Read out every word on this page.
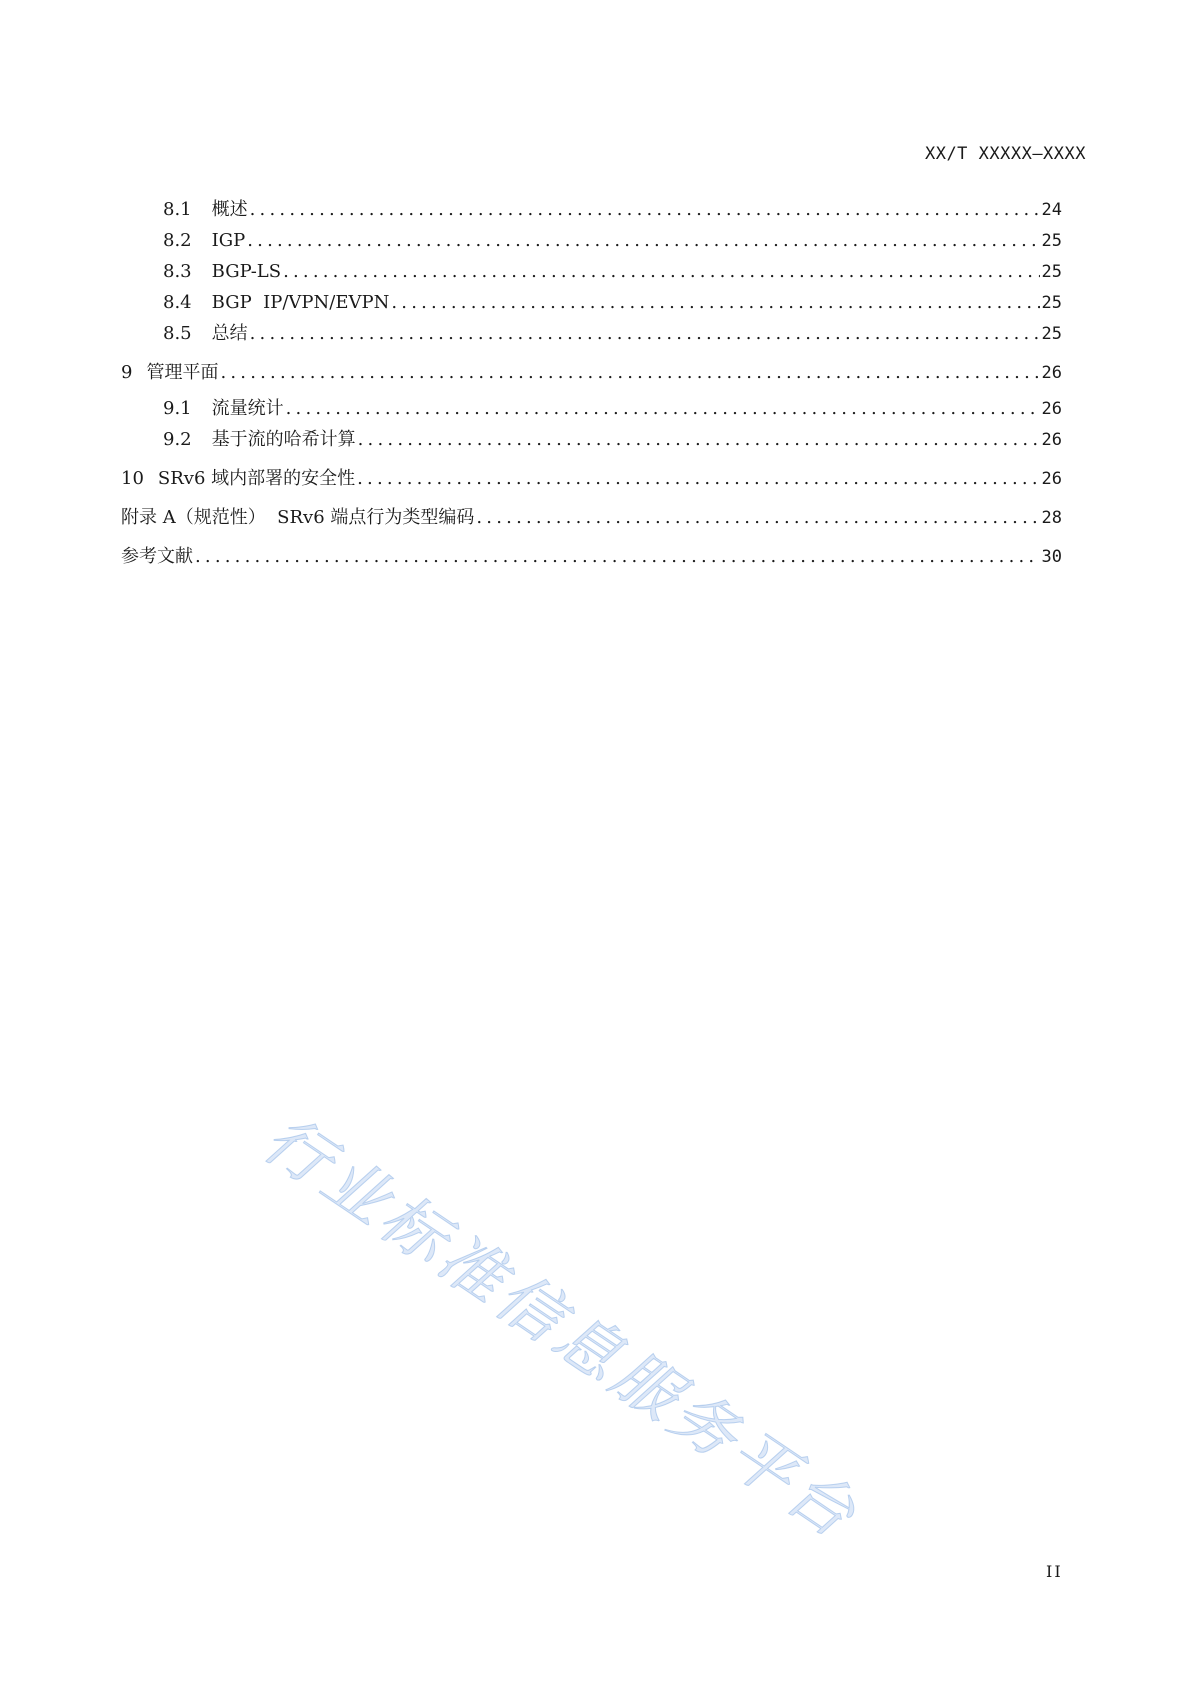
XX/T XXXXX—XXXX
8.1 概述 .....	24
8.2 IGP .....	25
8.3 BGP-LS .....	25
8.4 BGP  IP/VPN/EVPN .....	25
8.5 总结 .....	25
9 管理平面 .....	26
9.1 流量统计 .....	26
9.2 基于流的哈希计算 .....	26
10 SRv6 域内部署的安全性 .....	26
附录 A（规范性）  SRv6 端点行为类型编码 .....	28
参考文献 .....	30
行业标准信息服务平台
II
